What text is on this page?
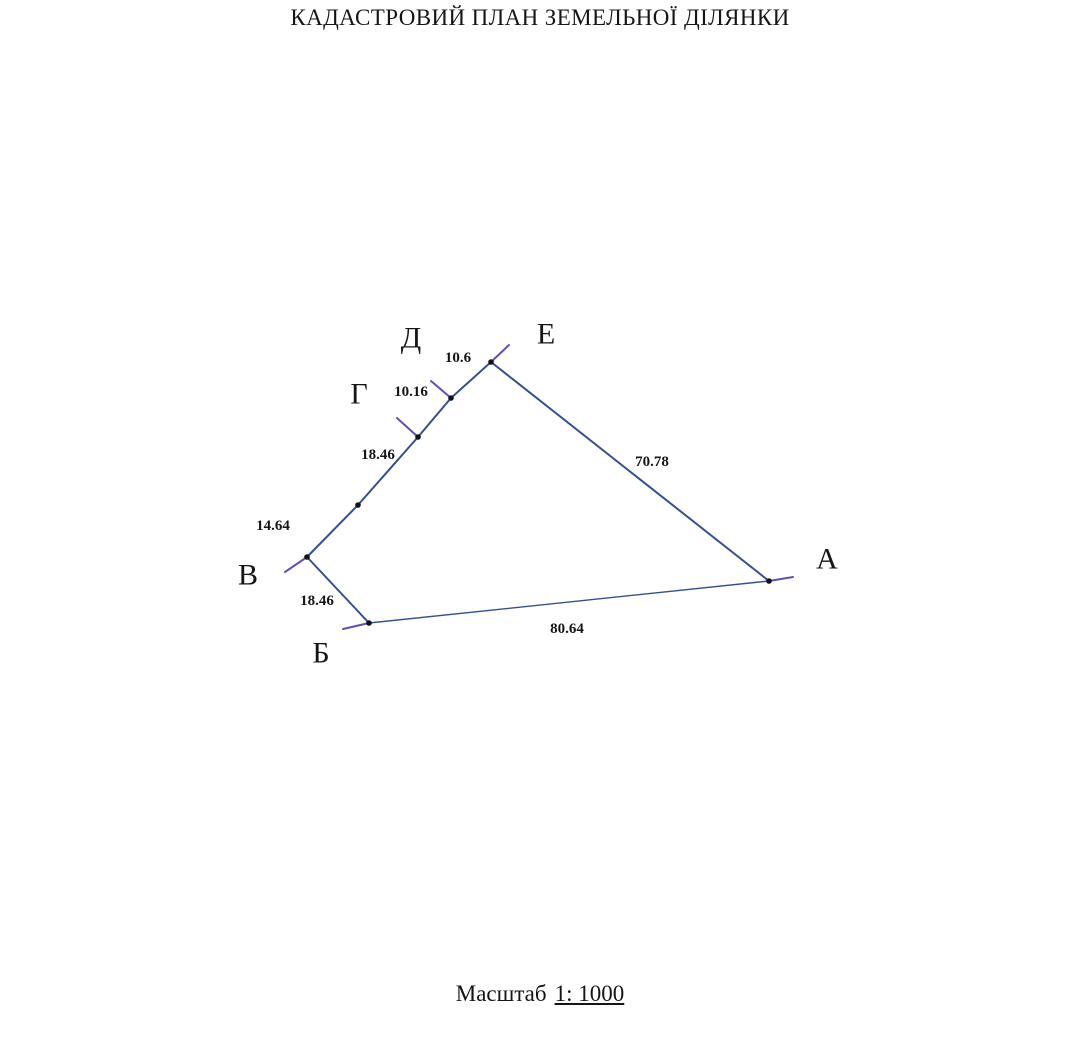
КАДАСТРОВИЙ ПЛАН ЗЕМЕЛЬНОЇ ДІЛЯНКИ
А
Б
В
Г
Д	Е
10.6
10.16
18.46
14.64
18.46
70.78
80.64
Масштаб 1: 1000
